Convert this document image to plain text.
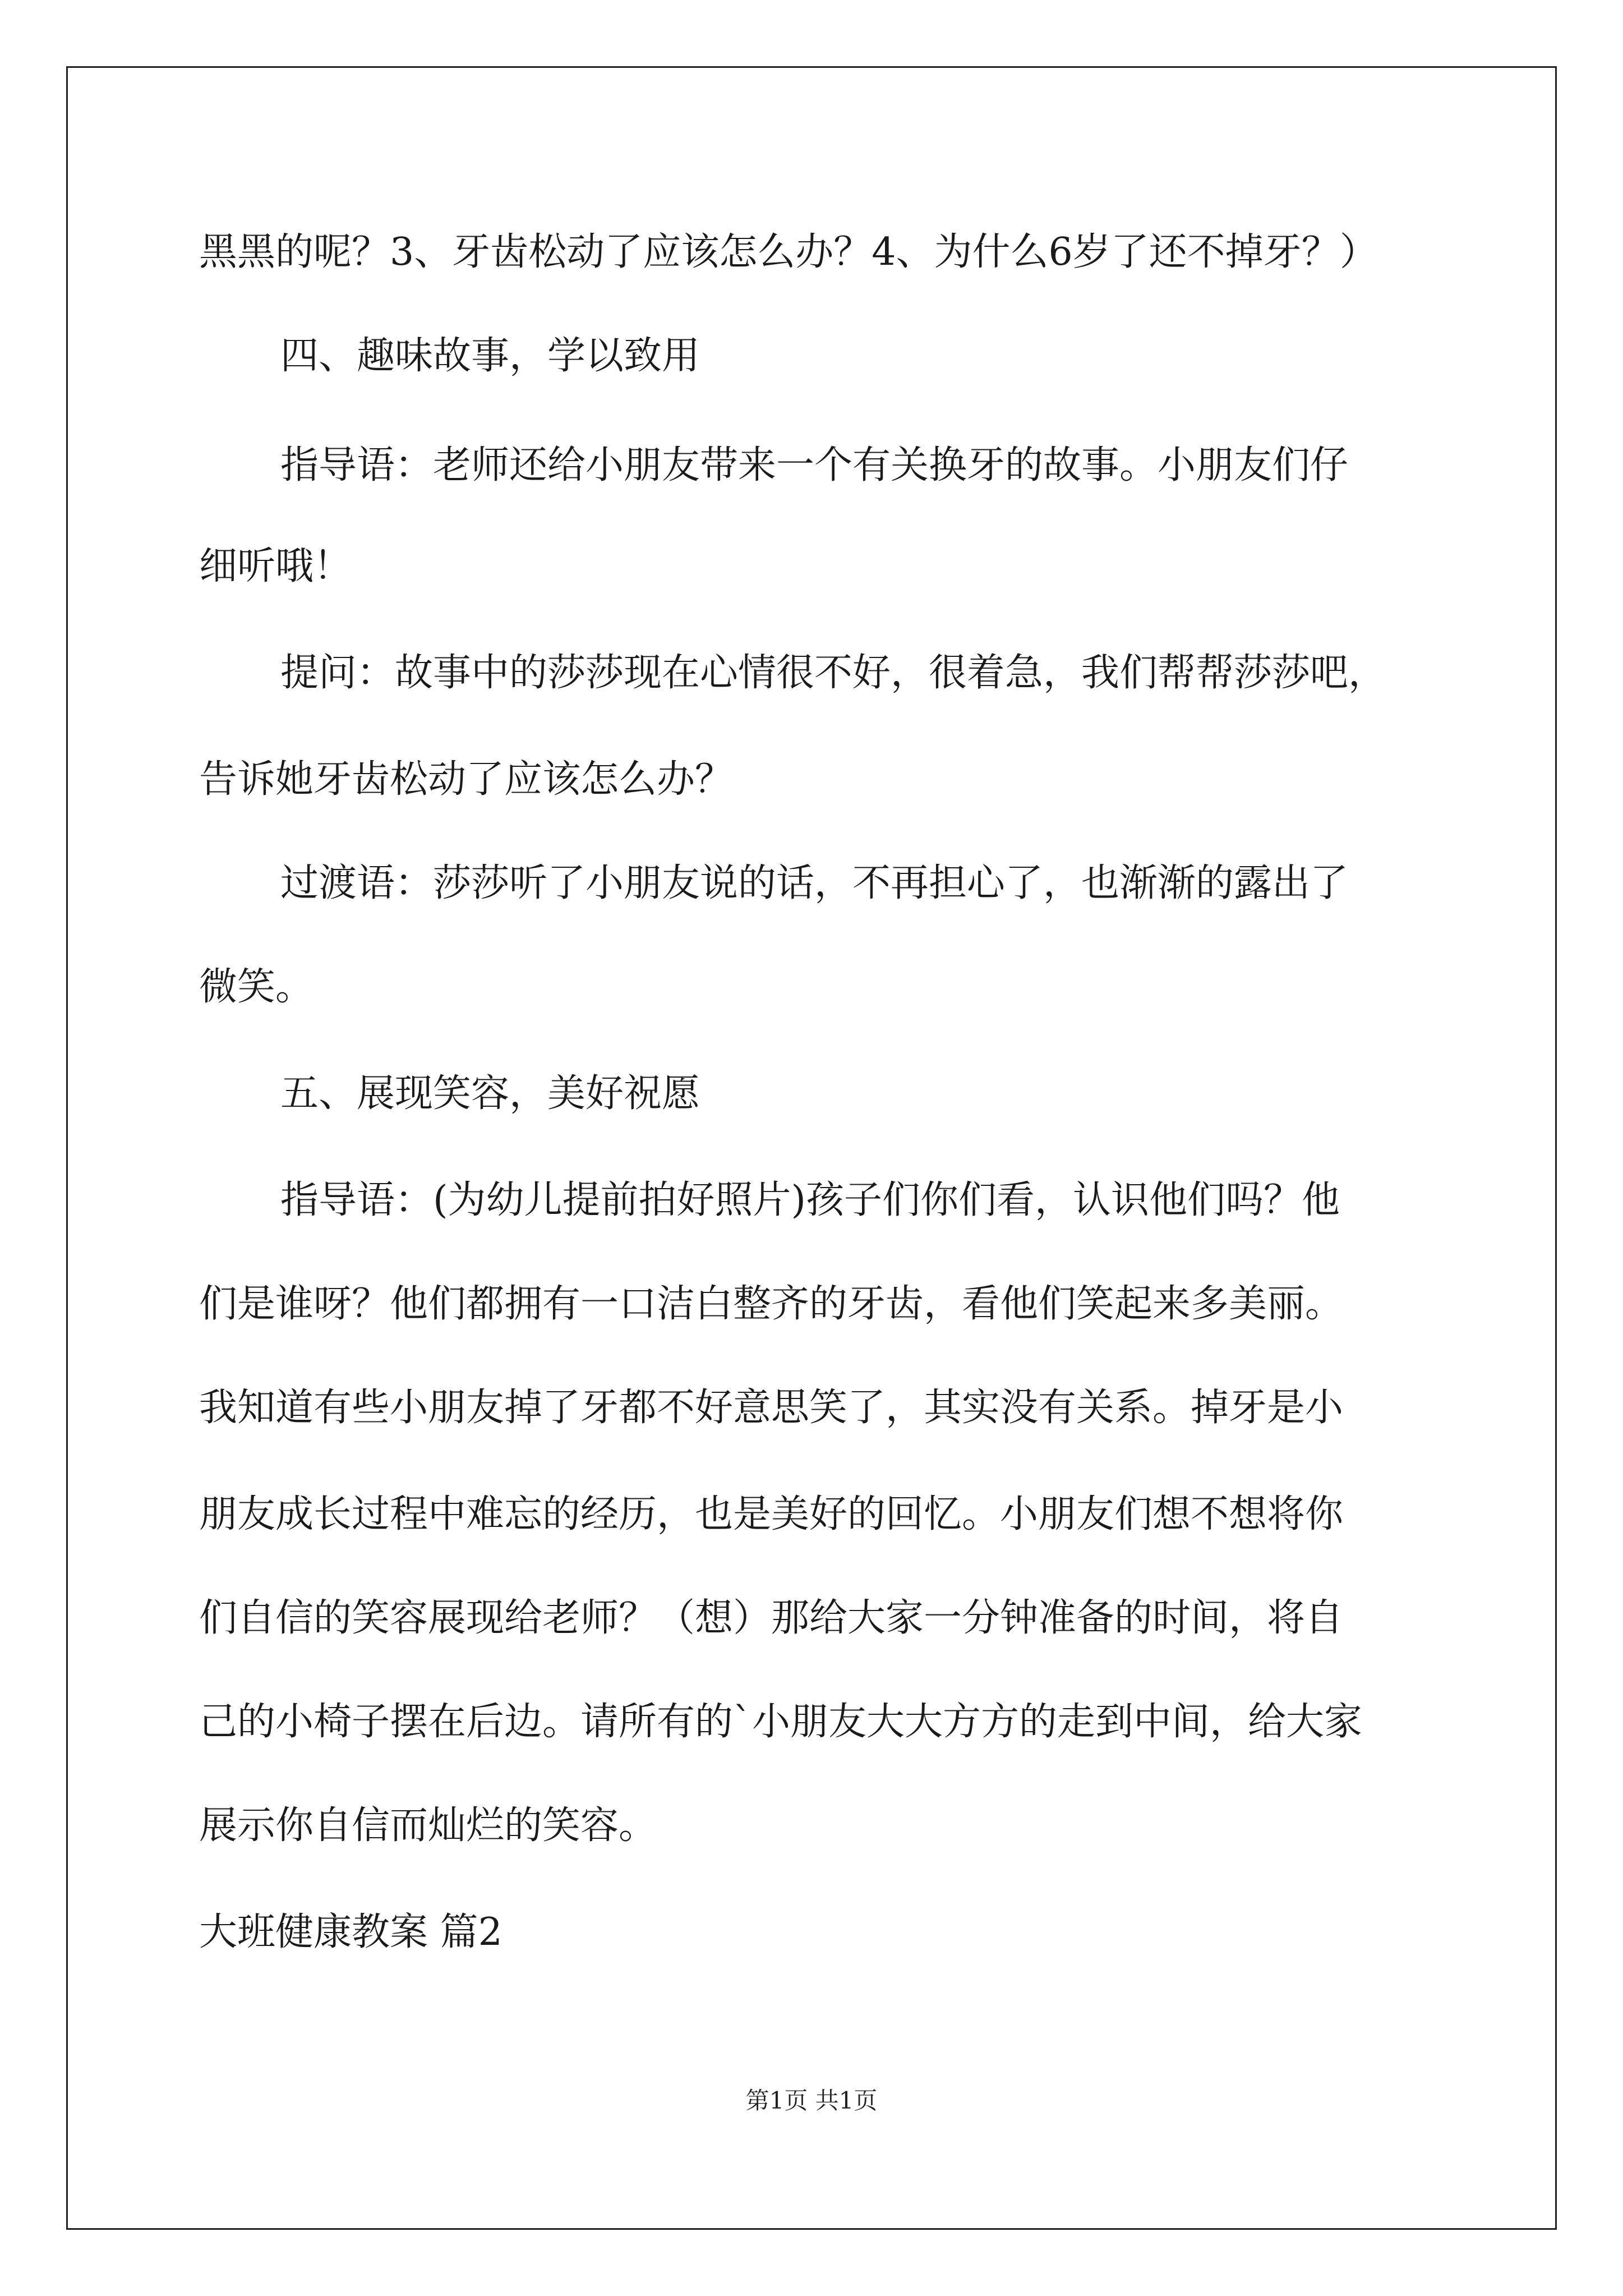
黑黑的呢？3、牙齿松动了应该怎么办？4、为什么6岁了还不掉牙？）
四、趣味故事，学以致用
指导语：老师还给小朋友带来一个有关换牙的故事。小朋友们仔
细听哦！
提问：故事中的莎莎现在心情很不好，很着急，我们帮帮莎莎吧，
告诉她牙齿松动了应该怎么办？
过渡语：莎莎听了小朋友说的话，不再担心了，也渐渐的露出了
微笑。
五、展现笑容，美好祝愿
指导语：(为幼儿提前拍好照片)孩子们你们看，认识他们吗？他
们是谁呀？他们都拥有一口洁白整齐的牙齿，看他们笑起来多美丽。
我知道有些小朋友掉了牙都不好意思笑了，其实没有关系。掉牙是小
朋友成长过程中难忘的经历，也是美好的回忆。小朋友们想不想将你
们自信的笑容展现给老师？（想）那给大家一分钟准备的时间，将自
己的小椅子摆在后边。请所有的`小朋友大大方方的走到中间，给大家
展示你自信而灿烂的笑容。
大班健康教案 篇2
第1页 共1页
